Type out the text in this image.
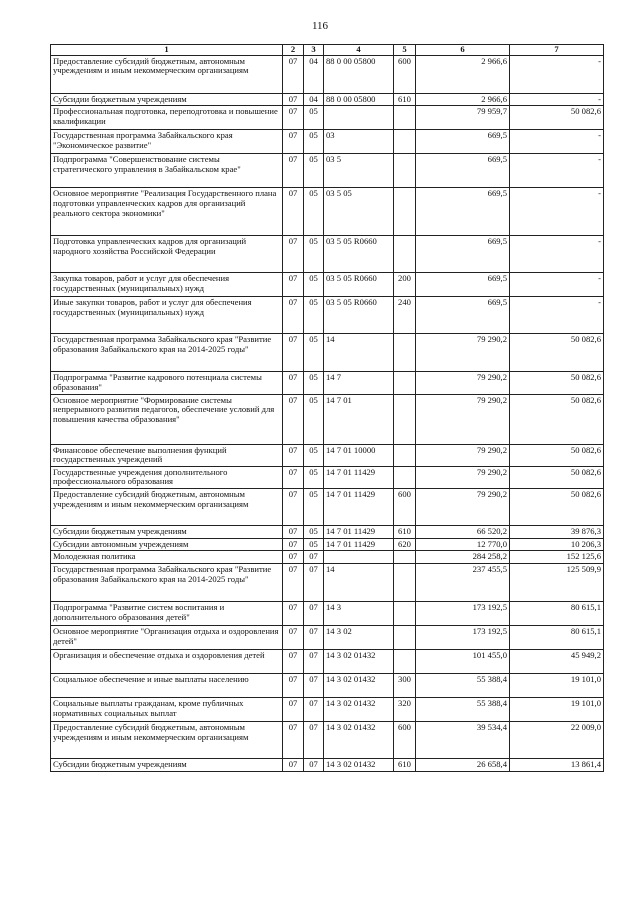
116
1	2	3	4	5	6	7
Предоставление субсидий бюджетным, автономным учреждениям и иным некоммерческим организациям	07	04	88 0 00 05800	600	2 966,6	-
Субсидии бюджетным учреждениям	07	04	88 0 00 05800	610	2 966,6	-
Профессиональная подготовка, переподготовка и повышение квалификации	07	05			79 959,7	50 082,6
Государственная программа Забайкальского края "Экономическое развитие"	07	05	03		669,5	-
Подпрограмма "Совершенствование системы стратегического управления в Забайкальском крае"	07	05	03 5		669,5	-
Основное мероприятие "Реализация Государственного плана подготовки управленческих кадров для организаций реального сектора экономики"	07	05	03 5 05		669,5	-
Подготовка управленческих кадров для организаций народного хозяйства Российской Федерации	07	05	03 5 05 R0660		669,5	-
Закупка товаров, работ и услуг для обеспечения государственных (муниципальных) нужд	07	05	03 5 05 R0660	200	669,5	-
Иные закупки товаров, работ и услуг для обеспечения государственных (муниципальных) нужд	07	05	03 5 05 R0660	240	669,5	-
Государственная программа Забайкальского края "Развитие образования Забайкальского края на 2014-2025 годы"	07	05	14		79 290,2	50 082,6
Подпрограмма "Развитие кадрового потенциала системы образования"	07	05	14 7		79 290,2	50 082,6
Основное мероприятие "Формирование системы непрерывного развития педагогов, обеспечение условий для повышения качества образования"	07	05	14 7 01		79 290,2	50 082,6
Финансовое обеспечение выполнения функций государственных учреждений	07	05	14 7 01 10000		79 290,2	50 082,6
Государственные учреждения дополнительного профессионального образования	07	05	14 7 01 11429		79 290,2	50 082,6
Предоставление субсидий бюджетным, автономным учреждениям и иным некоммерческим организациям	07	05	14 7 01 11429	600	79 290,2	50 082,6
Субсидии бюджетным учреждениям	07	05	14 7 01 11429	610	66 520,2	39 876,3
Субсидии автономным учреждениям	07	05	14 7 01 11429	620	12 770,0	10 206,3
Молодежная политика	07	07			284 258,2	152 125,6
Государственная программа Забайкальского края "Развитие образования Забайкальского края на 2014-2025 годы"	07	07	14		237 455,5	125 509,9
Подпрограмма "Развитие систем воспитания и дополнительного образования детей"	07	07	14 3		173 192,5	80 615,1
Основное мероприятие "Организация отдыха и оздоровления детей"	07	07	14 3 02		173 192,5	80 615,1
Организация и обеспечение отдыха и оздоровления детей	07	07	14 3 02 01432		101 455,0	45 949,2
Социальное обеспечение и иные выплаты населению	07	07	14 3 02 01432	300	55 388,4	19 101,0
Социальные выплаты гражданам, кроме публичных нормативных социальных выплат	07	07	14 3 02 01432	320	55 388,4	19 101,0
Предоставление субсидий бюджетным, автономным учреждениям и иным некоммерческим организациям	07	07	14 3 02 01432	600	39 534,4	22 009,0
Субсидии бюджетным учреждениям	07	07	14 3 02 01432	610	26 658,4	13 861,4
